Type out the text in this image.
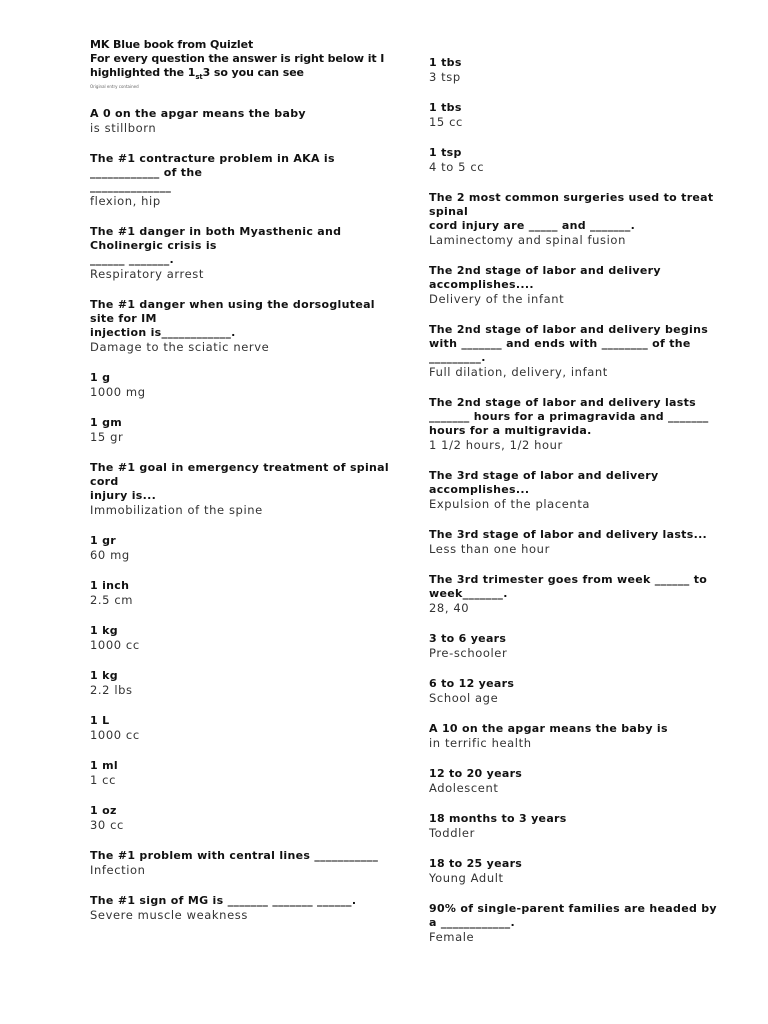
MK Blue book from Quizlet
For every question the answer is right below it I
highlighted the $1_{st}3$ so you can see
Original entry contained
A 0 on the apgar means the baby
is stillborn
The #1 contracture problem in AKA is
____________ of the
______________
flexion, hip
The #1 danger in both Myasthenic and
Cholinergic crisis is
______ _______.
Respiratory arrest
The #1 danger when using the dorsogluteal
site for IM
injection is____________.
Damage to the sciatic nerve
1 g
1000 mg
1 gm
15 gr
The #1 goal in emergency treatment of spinal
cord
injury is...
Immobilization of the spine
1 gr
60 mg
1 inch
2.5 cm
1 kg
1000 cc
1 kg
2.2 lbs
1 L
1000 cc
1 ml
1 cc
1 oz
30 cc
The #1 problem with central lines ___________
Infection
The #1 sign of MG is _______ _______ ______.
Severe muscle weakness
1 tbs
3 tsp
1 tbs
15 cc
1 tsp
4 to 5 cc
The 2 most common surgeries used to treat
spinal
cord injury are _____ and _______.
Laminectomy and spinal fusion
The 2nd stage of labor and delivery
accomplishes....
Delivery of the infant
The 2nd stage of labor and delivery begins
with _______ and ends with ________ of the
_________.
Full dilation, delivery, infant
The 2nd stage of labor and delivery lasts
_______ hours for a primagravida and _______
hours for a multigravida.
1 1/2 hours, 1/2 hour
The 3rd stage of labor and delivery
accomplishes...
Expulsion of the placenta
The 3rd stage of labor and delivery lasts...
Less than one hour
The 3rd trimester goes from week ______ to
week_______.
28, 40
3 to 6 years
Pre-schooler
6 to 12 years
School age
A 10 on the apgar means the baby is
in terrific health
12 to 20 years
Adolescent
18 months to 3 years
Toddler
18 to 25 years
Young Adult
90% of single-parent families are headed by
a ____________.
Female
